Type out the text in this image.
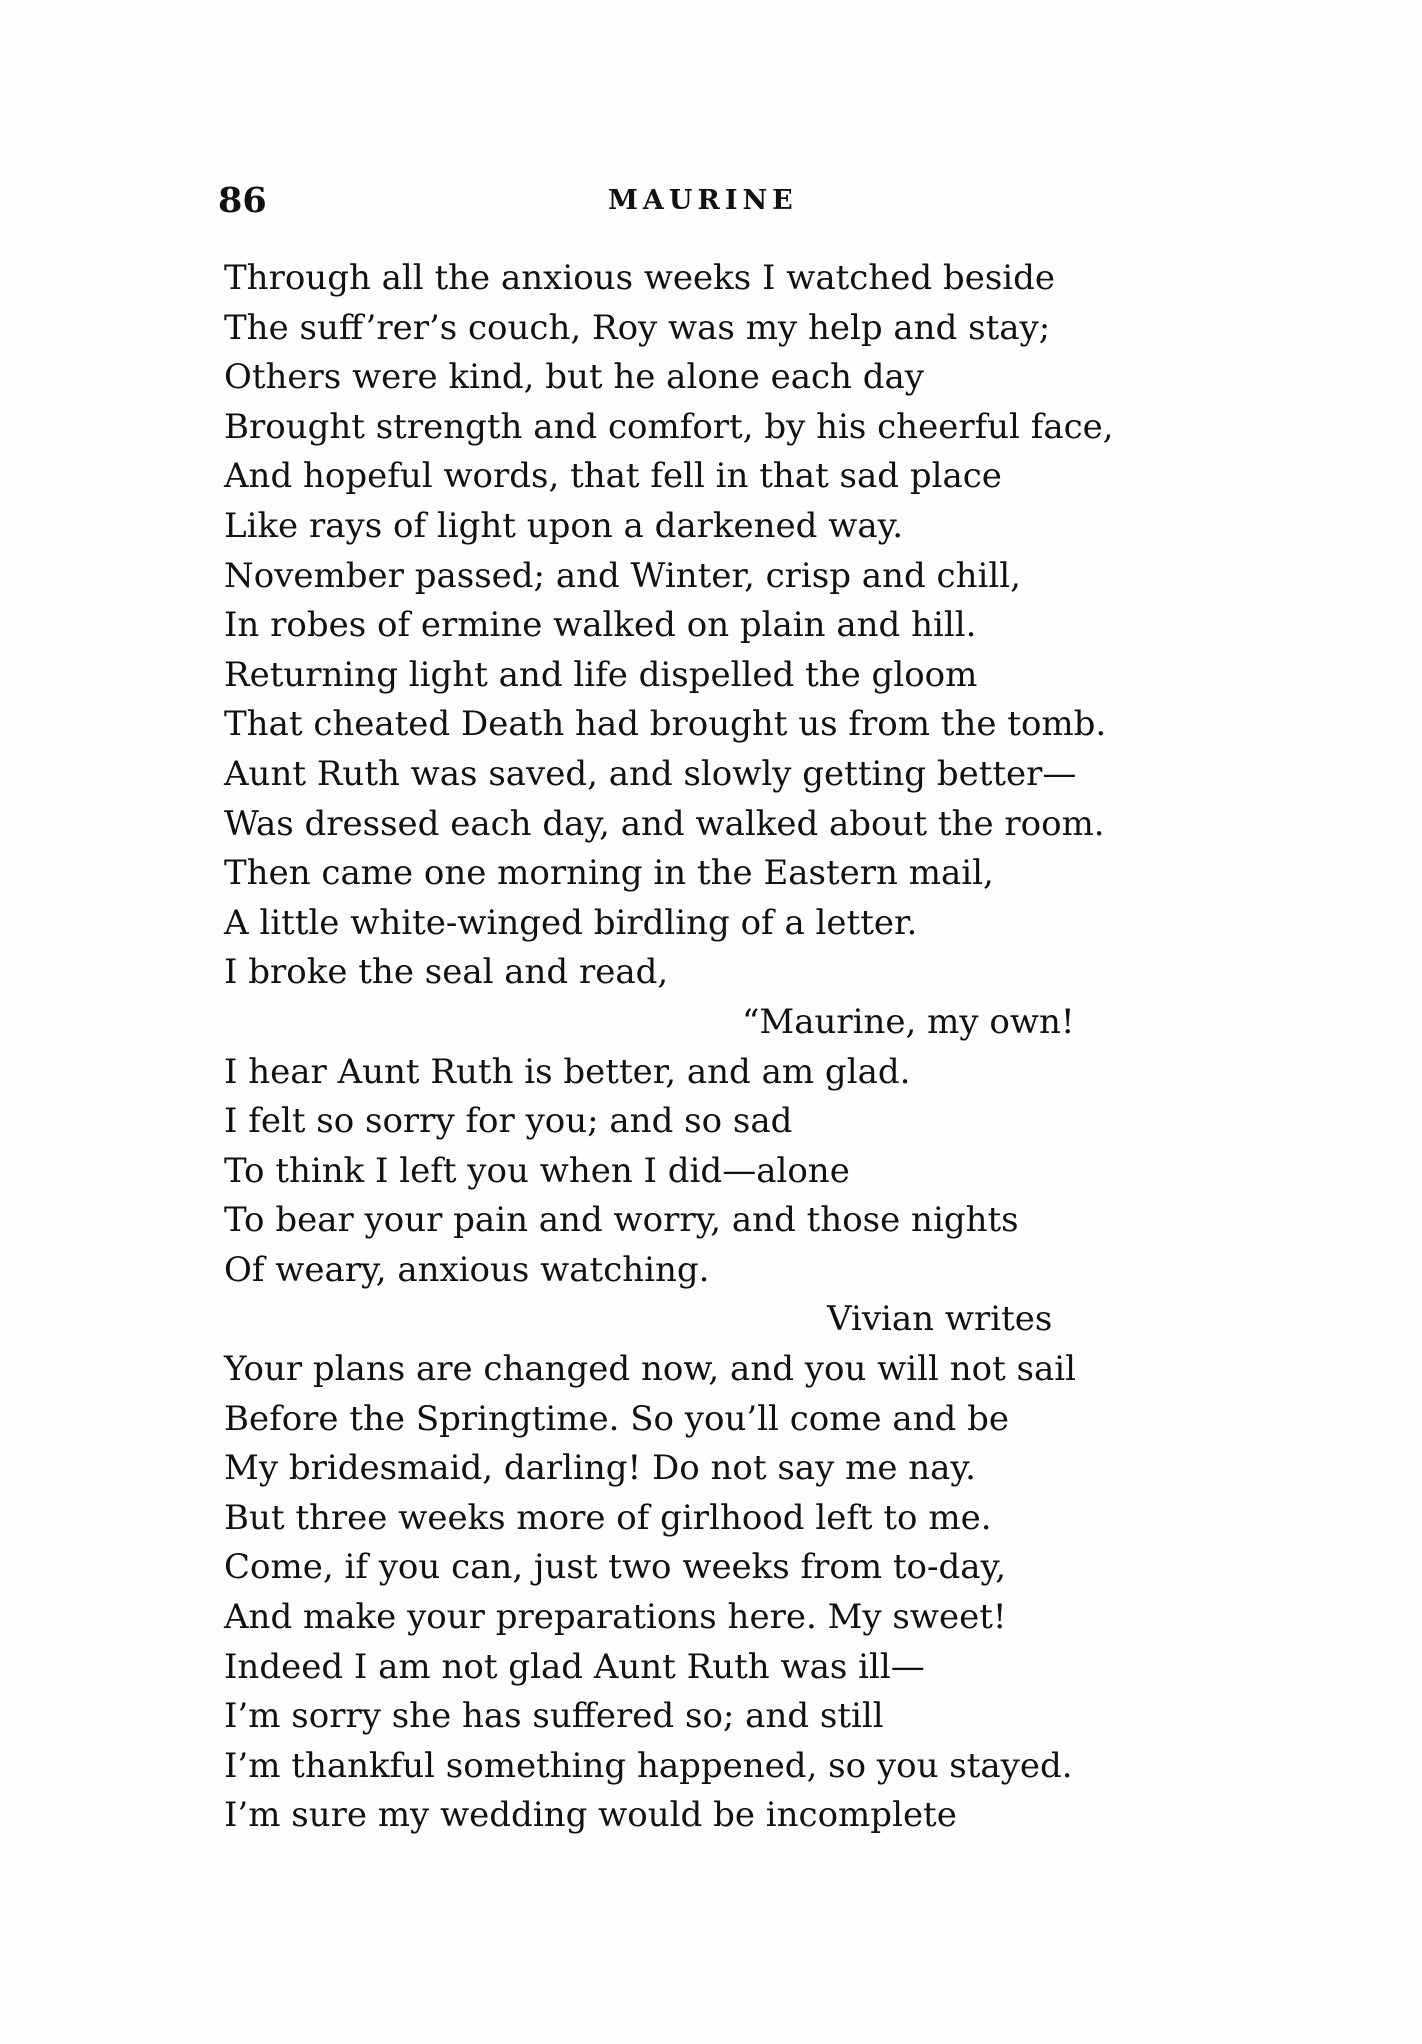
86	MAURINE
Through all the anxious weeks I watched beside
The suff’rer’s couch, Roy was my help and stay;
Others were kind, but he alone each day
Brought strength and comfort, by his cheerful face,
And hopeful words, that fell in that sad place
Like rays of light upon a darkened way.
November passed; and Winter, crisp and chill,
In robes of ermine walked on plain and hill.
Returning light and life dispelled the gloom
That cheated Death had brought us from the tomb.
Aunt Ruth was saved, and slowly getting better—
Was dressed each day, and walked about the room.
Then came one morning in the Eastern mail,
A little white-winged birdling of a letter.
I broke the seal and read,
“Maurine, my own!
I hear Aunt Ruth is better, and am glad.
I felt so sorry for you; and so sad
To think I left you when I did—alone
To bear your pain and worry, and those nights
Of weary, anxious watching.
Vivian writes
Your plans are changed now, and you will not sail
Before the Springtime. So you’ll come and be
My bridesmaid, darling! Do not say me nay.
But three weeks more of girlhood left to me.
Come, if you can, just two weeks from to-day,
And make your preparations here. My sweet!
Indeed I am not glad Aunt Ruth was ill—
I’m sorry she has suffered so; and still
I’m thankful something happened, so you stayed.
I’m sure my wedding would be incomplete
